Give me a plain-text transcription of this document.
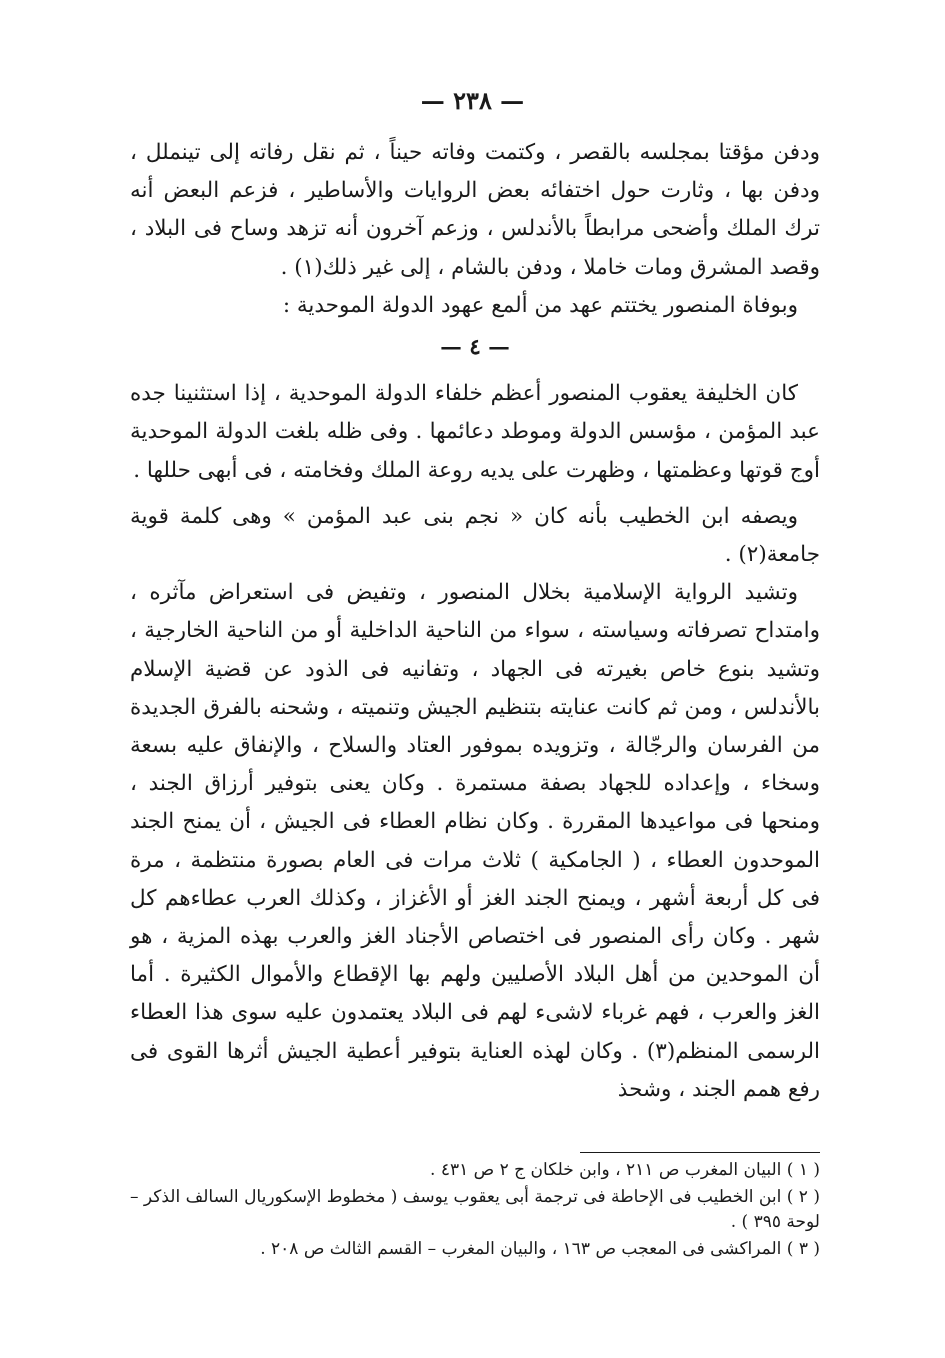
— ٢٣٨ —

ودفن مؤقتا بمجلسه بالقصر ، وكتمت وفاته حيناً ، ثم نقل رفاته إلى تينملل ، ودفن بها ، وثارت حول اختفائه بعض الروايات والأساطير ، فزعم البعض أنه ترك الملك وأضحى مرابطاً بالأندلس ، وزعم آخرون أنه تزهد وساح فى البلاد ، وقصد المشرق ومات خاملا ، ودفن بالشام ، إلى غير ذلك(١) .

وبوفاة المنصور يختتم عهد من ألمع عهود الدولة الموحدية :

— ٤ —

كان الخليفة يعقوب المنصور أعظم خلفاء الدولة الموحدية ، إذا استثنينا جده عبد المؤمن ، مؤسس الدولة وموطد دعائمها . وفى ظله بلغت الدولة الموحدية أوج قوتها وعظمتها ، وظهرت على يديه روعة الملك وفخامته ، فى أبهى حللها .

ويصفه ابن الخطيب بأنه كان « نجم بنى عبد المؤمن » وهى كلمة قوية جامعة(٢) .

وتشيد الرواية الإسلامية بخلال المنصور ، وتفيض فى استعراض مآثره ، وامتداح تصرفاته وسياسته ، سواء من الناحية الداخلية أو من الناحية الخارجية ، وتشيد بنوع خاص بغيرته فى الجهاد ، وتفانيه فى الذود عن قضية الإسلام بالأندلس ، ومن ثم كانت عنايته بتنظيم الجيش وتنميته ، وشحنه بالفرق الجديدة من الفرسان والرجّالة ، وتزويده بموفور العتاد والسلاح ، والإنفاق عليه بسعة وسخاء ، وإعداده للجهاد بصفة مستمرة . وكان يعنى بتوفير أرزاق الجند ، ومنحها فى مواعيدها المقررة . وكان نظام العطاء فى الجيش ، أن يمنح الجند الموحدون العطاء ، ( الجامكية ) ثلاث مرات فى العام بصورة منتظمة ، مرة فى كل أربعة أشهر ، ويمنح الجند الغز أو الأغزاز ، وكذلك العرب عطاءهم كل شهر . وكان رأى المنصور فى اختصاص الأجناد الغز والعرب بهذه المزية ، هو أن الموحدين من أهل البلاد الأصليين ولهم بها الإقطاع والأموال الكثيرة . أما الغز والعرب ، فهم غرباء لاشىء لهم فى البلاد يعتمدون عليه سوى هذا العطاء الرسمى المنظم(٣) . وكان لهذه العناية بتوفير أعطية الجيش أثرها القوى فى رفع همم الجند ، وشحذ

( ١ ) البيان المغرب ص ٢١١ ، وابن خلكان ج ٢ ص ٤٣١ .

( ٢ ) ابن الخطيب فى الإحاطة فى ترجمة أبى يعقوب يوسف ( مخطوط الإسكوريال السالف الذكر – لوحة ٣٩٥ ) .

( ٣ ) المراكشى فى المعجب ص ١٦٣ ، والبيان المغرب – القسم الثالث ص ٢٠٨ .
